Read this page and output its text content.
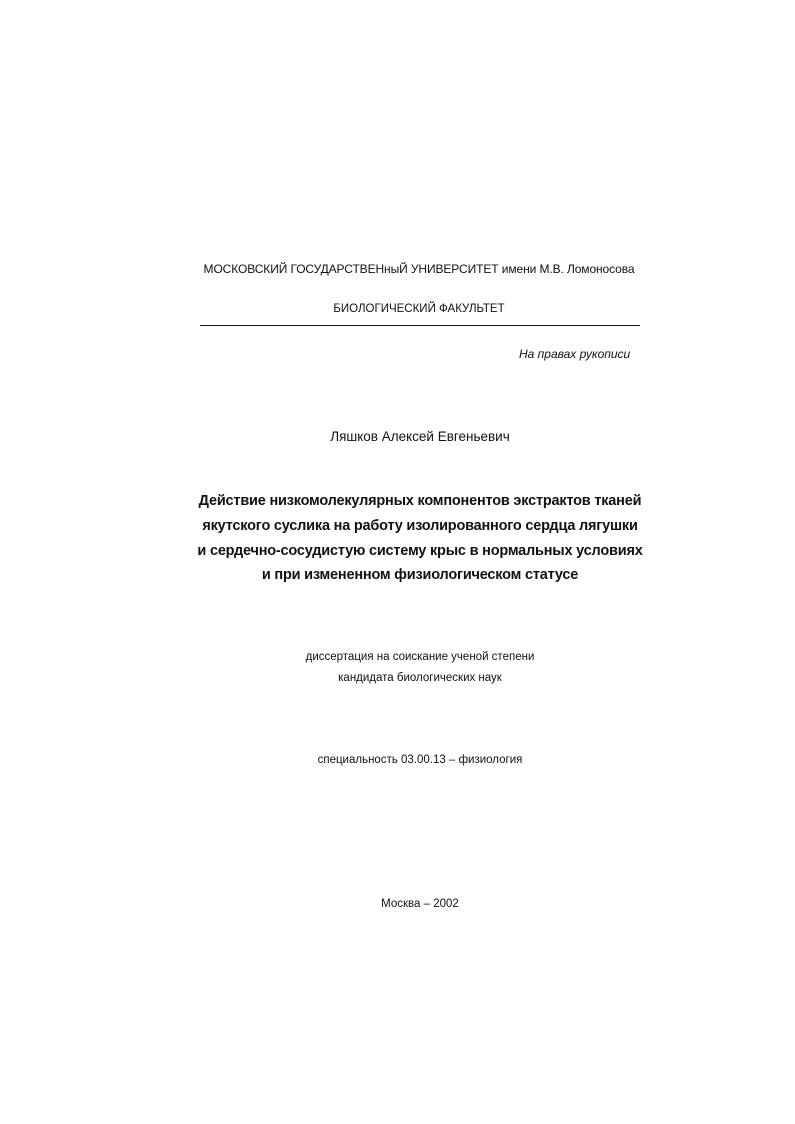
МОСКОВСКИЙ ГОСУДАРСТВЕНныЙ УНИВЕРСИТЕТ имени М.В. Ломоносова
БИОЛОГИЧЕСКИЙ ФАКУЛЬТЕТ
На правах рукописи
Ляшков Алексей Евгеньевич
Действие низкомолекулярных компонентов экстрактов тканей
якутского суслика на работу изолированного сердца лягушки
и сердечно-сосудистую систему крыс в нормальных условиях
и при измененном физиологическом статусе
диссертация на соискание ученой степени
кандидата биологических наук
специальность 03.00.13 – физиология
Москва – 2002
